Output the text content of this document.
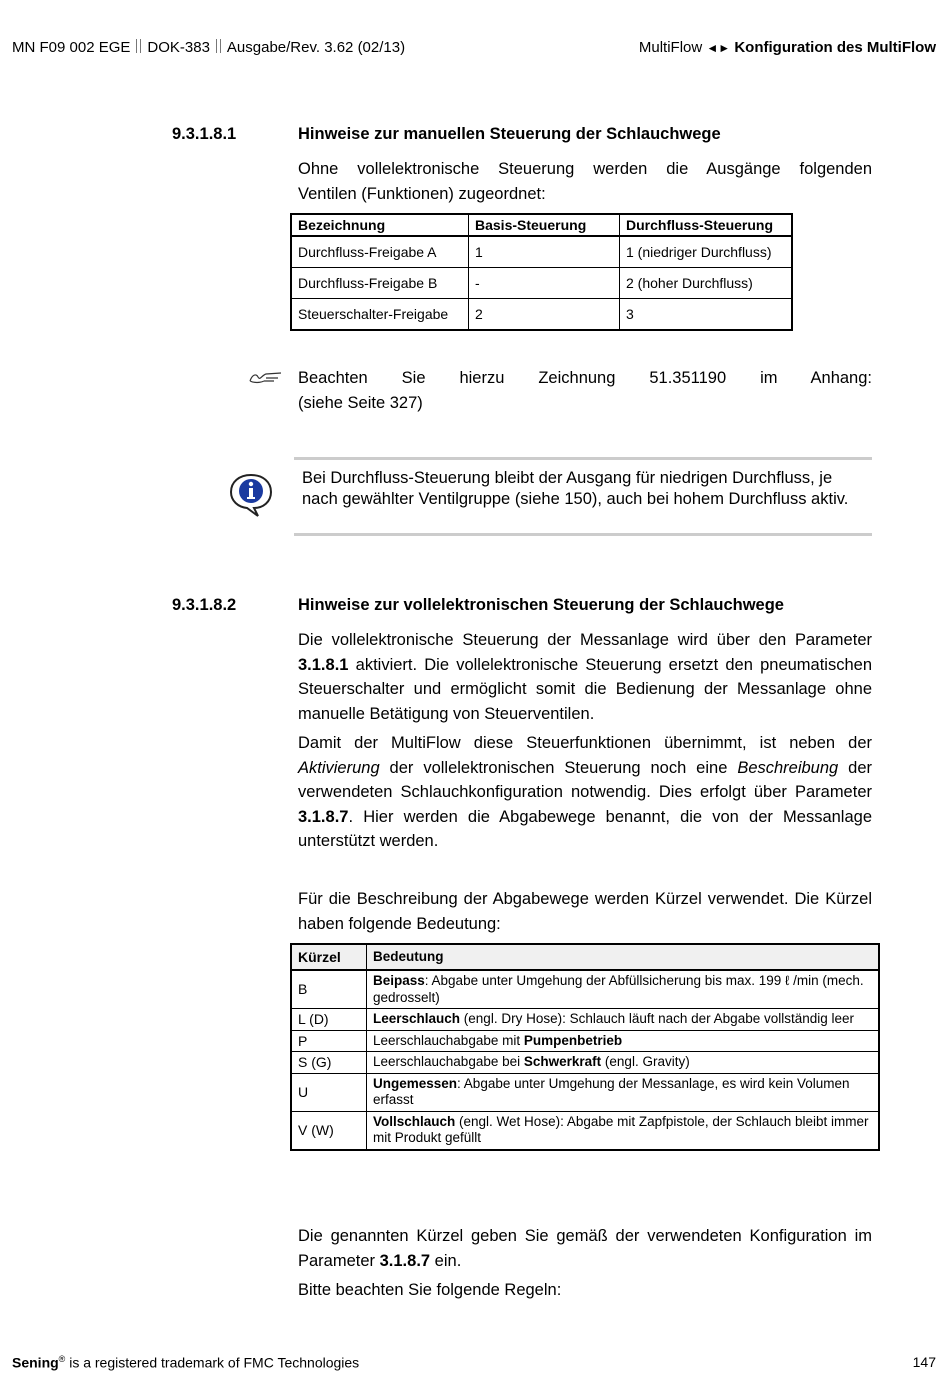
MN F09 002 EGE DOK-383 Ausgabe/Rev. 3.62 (02/13)	MultiFlow ◄► Konfiguration des MultiFlow
9.3.1.8.1	Hinweise zur manuellen Steuerung der Schlauchwege

Ohne vollelektronische Steuerung werden die Ausgänge folgenden

Ventilen (Funktionen) zugeordnet:

Bezeichnung	Basis-Steuerung	Durchfluss-Steuerung
Durchfluss-Freigabe A	1	1 (niedriger Durchfluss)
Durchfluss-Freigabe B	-	2 (hoher Durchfluss)
Steuerschalter-Freigabe	2	3

Beachten Sie hierzu Zeichnung 51.351190 im Anhang:

(siehe Seite 327)

Bei Durchfluss-Steuerung bleibt der Ausgang für niedrigen Durchfluss, je nach gewählter Ventilgruppe (siehe 150), auch bei hohem Durchfluss aktiv.
9.3.1.8.2	Hinweise zur vollelektronischen Steuerung der Schlauchwege

Die vollelektronische Steuerung der Messanlage wird über den Parameter 3.1.8.1 aktiviert. Die vollelektronische Steuerung ersetzt den pneumatischen Steuerschalter und ermöglicht somit die Bedienung der Messanlage ohne manuelle Betätigung von Steuerventilen.

Damit der MultiFlow diese Steuerfunktionen übernimmt, ist neben der Aktivierung der vollelektronischen Steuerung noch eine Beschreibung der verwendeten Schlauchkonfiguration notwendig. Dies erfolgt über Parameter 3.1.8.7. Hier werden die Abgabewege benannt, die von der Messanlage unterstützt werden.

Für die Beschreibung der Abgabewege werden Kürzel verwendet. Die Kürzel haben folgende Bedeutung:

Kürzel	Bedeutung
B	Beipass: Abgabe unter Umgehung der Abfüllsicherung bis max. 199 ℓ /min (mech. gedrosselt)
L (D)	Leerschlauch (engl. Dry Hose): Schlauch läuft nach der Abgabe vollständig leer
P	Leerschlauchabgabe mit Pumpenbetrieb
S (G)	Leerschlauchabgabe bei Schwerkraft (engl. Gravity)
U	Ungemessen: Abgabe unter Umgehung der Messanlage, es wird kein Volumen erfasst
V (W)	Vollschlauch (engl. Wet Hose): Abgabe mit Zapfpistole, der Schlauch bleibt immer mit Produkt gefüllt

Die genannten Kürzel geben Sie gemäß der verwendeten Konfiguration im Parameter 3.1.8.7 ein.

Bitte beachten Sie folgende Regeln:

Sening® is a registered trademark of FMC Technologies	147
